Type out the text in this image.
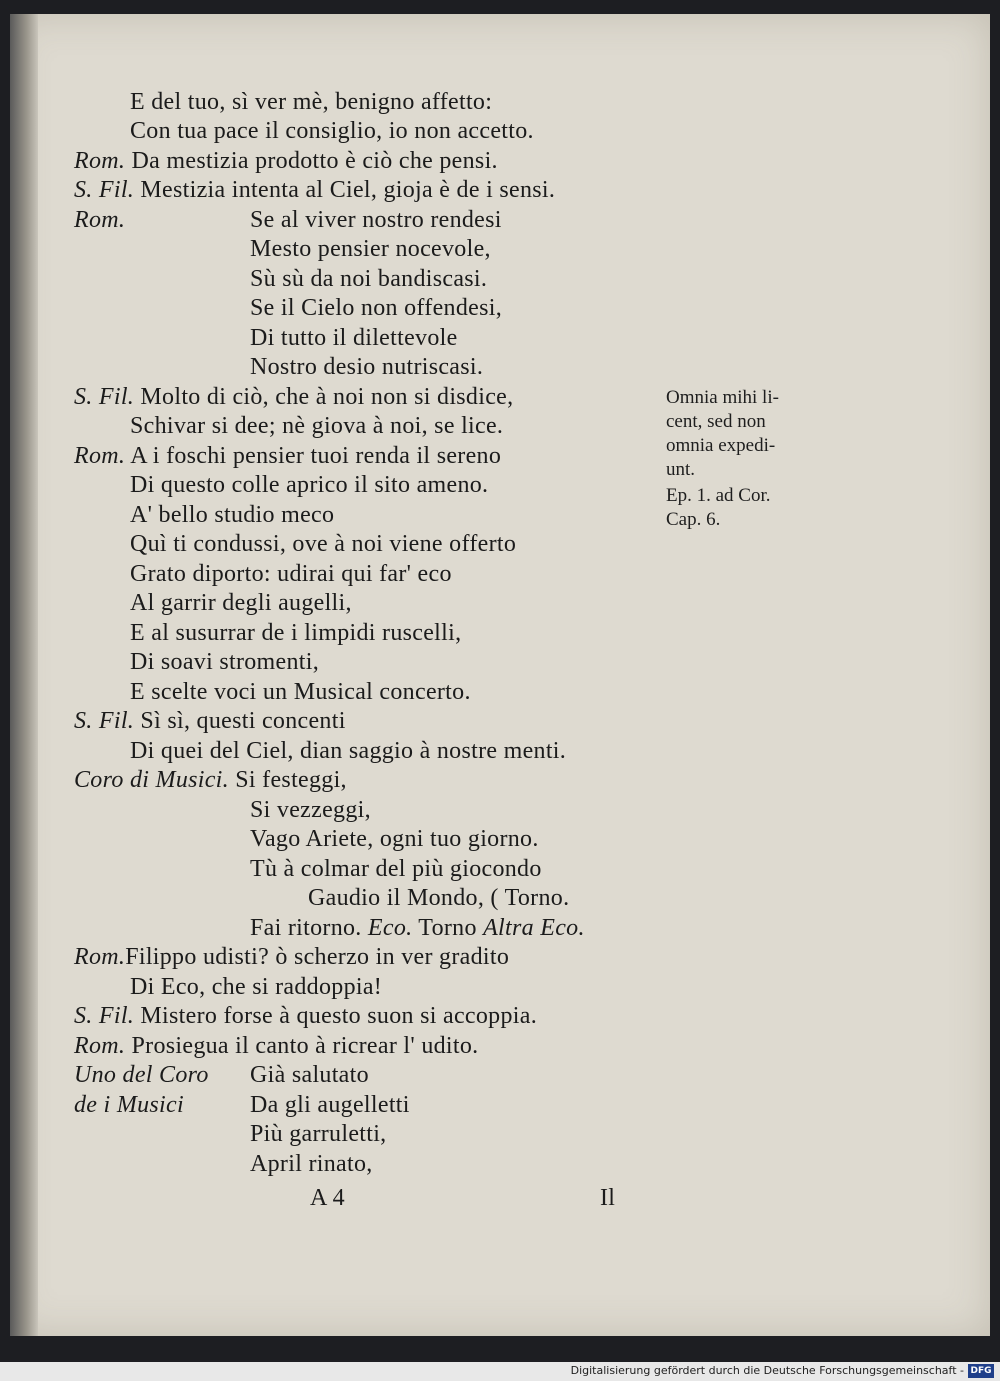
E del tuo, sì ver mè, benigno affetto:
Con tua pace il consiglio, io non accetto.
Rom. Da mestizia prodotto è ciò che pensi.
S. Fil. Mestizia intenta al Ciel, gioja è de i sensi.
Rom.	Se al viver nostro rendesi
Mesto pensier nocevole,
Sù sù da noi bandiscasi.
Se il Cielo non offendesi,
Di tutto il dilettevole
Nostro desio nutriscasi.
S. Fil. Molto di ciò, che à noi non si disdice,
Schivar si dee; nè giova à noi, se lice.
Rom. A i foschi pensier tuoi renda il sereno
Di questo colle aprico il sito ameno.
A' bello studio meco
Quì ti condussi, ove à noi viene offerto
Grato diporto: udirai qui far' eco
Al garrir degli augelli,
E al susurrar de i limpidi ruscelli,
Di soavi stromenti,
E scelte voci un Musical concerto.
S. Fil. Sì sì, questi concenti
Di quei del Ciel, dian saggio à nostre menti.
Coro di Musici. Si festeggi,
Si vezzeggi,
Vago Ariete, ogni tuo giorno.
Tù à colmar del più giocondo
Gaudio il Mondo, ( Torno.
Fai ritorno. Eco. Torno Altra Eco.
Rom.Filippo udisti? ò scherzo in ver gradito
Di Eco, che si raddoppia!
S. Fil. Mistero forse à questo suon si accoppia.
Rom. Prosiegua il canto à ricrear l' udito.
Uno del Coro Già salutato
de i Musici	Da gli augelletti
Più garruletti,
April rinato,
A 4	Il
Omnia mihi li-
cent, sed non
omnia expedi-
unt.
Ep. 1. ad Cor.
Cap. 6.
Digitalisierung gefördert durch die Deutsche Forschungsgemeinschaft - DFG
